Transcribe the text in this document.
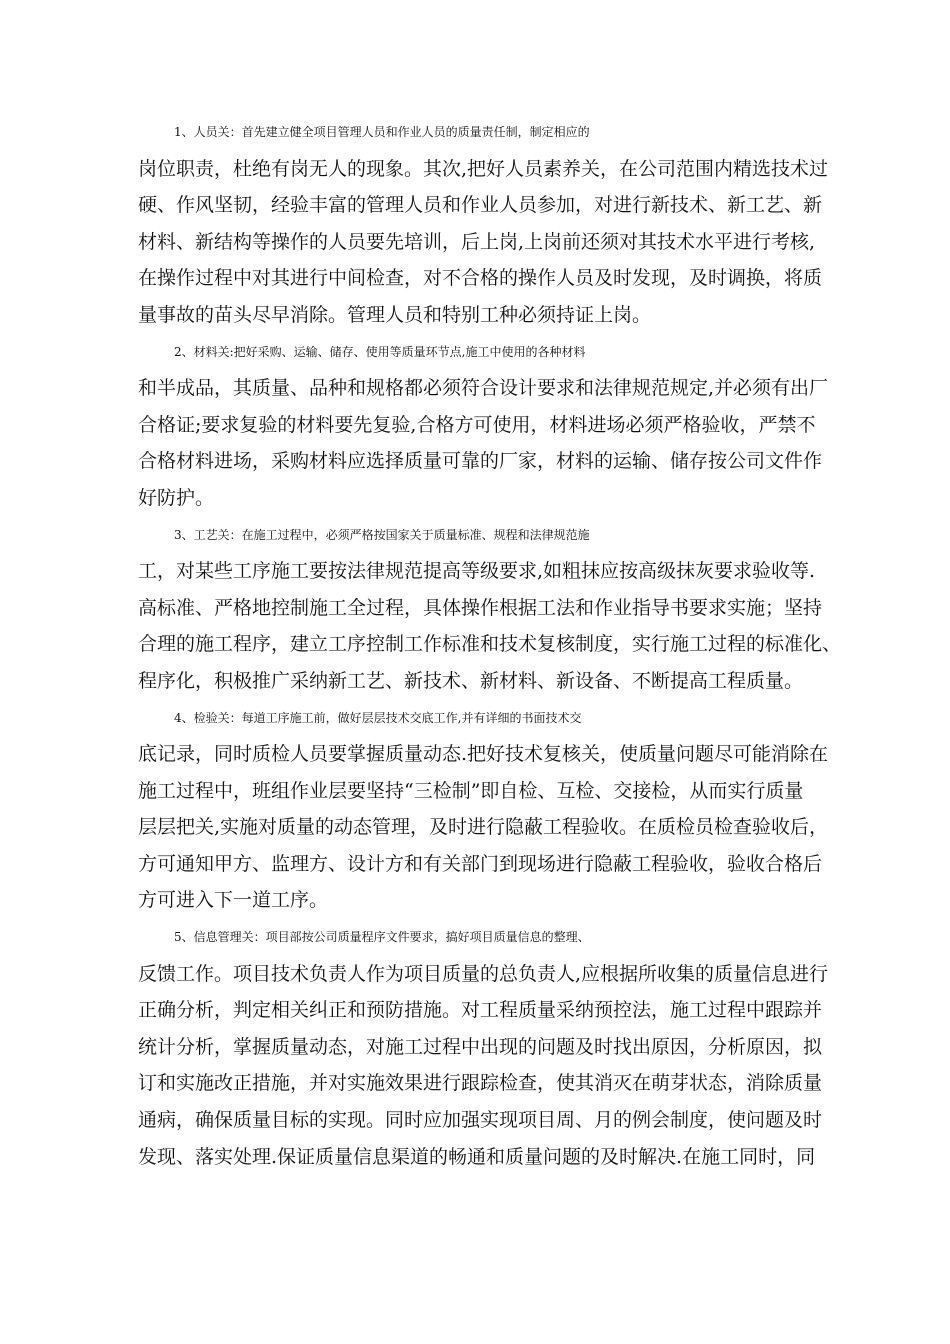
1、人员关：首先建立健全项目管理人员和作业人员的质量责任制，制定相应的
岗位职责，杜绝有岗无人的现象。其次,把好人员素养关，在公司范围内精选技术过
硬、作风坚韧，经验丰富的管理人员和作业人员参加，对进行新技术、新工艺、新
材料、新结构等操作的人员要先培训，后上岗,上岗前还须对其技术水平进行考核,
在操作过程中对其进行中间检查，对不合格的操作人员及时发现，及时调换，将质
量事故的苗头尽早消除。管理人员和特别工种必须持证上岗。
2、材料关:把好采购、运输、储存、使用等质量环节点,施工中使用的各种材料
和半成品，其质量、品种和规格都必须符合设计要求和法律规范规定,并必须有出厂
合格证;要求复验的材料要先复验,合格方可使用，材料进场必须严格验收，严禁不
合格材料进场，采购材料应选择质量可靠的厂家，材料的运输、储存按公司文件作
好防护。
3、工艺关：在施工过程中，必须严格按国家关于质量标准、规程和法律规范施
工，对某些工序施工要按法律规范提高等级要求,如粗抹应按高级抹灰要求验收等.
高标准、严格地控制施工全过程，具体操作根据工法和作业指导书要求实施；坚持
合理的施工程序，建立工序控制工作标准和技术复核制度，实行施工过程的标准化、
程序化，积极推广采纳新工艺、新技术、新材料、新设备、不断提高工程质量。
4、检验关：每道工序施工前，做好层层技术交底工作,并有详细的书面技术交
底记录，同时质检人员要掌握质量动态.把好技术复核关，使质量问题尽可能消除在
施工过程中，班组作业层要坚持“三检制”即自检、互检、交接检，从而实行质量
层层把关,实施对质量的动态管理，及时进行隐蔽工程验收。在质检员检查验收后，
方可通知甲方、监理方、设计方和有关部门到现场进行隐蔽工程验收，验收合格后
方可进入下一道工序。
5、信息管理关：项目部按公司质量程序文件要求，搞好项目质量信息的整理、
反馈工作。项目技术负责人作为项目质量的总负责人,应根据所收集的质量信息进行
正确分析，判定相关纠正和预防措施。对工程质量采纳预控法，施工过程中跟踪并
统计分析，掌握质量动态，对施工过程中出现的问题及时找出原因，分析原因，拟
订和实施改正措施，并对实施效果进行跟踪检查，使其消灭在萌芽状态，消除质量
通病，确保质量目标的实现。同时应加强实现项目周、月的例会制度，使问题及时
发现、落实处理.保证质量信息渠道的畅通和质量问题的及时解决.在施工同时，同
